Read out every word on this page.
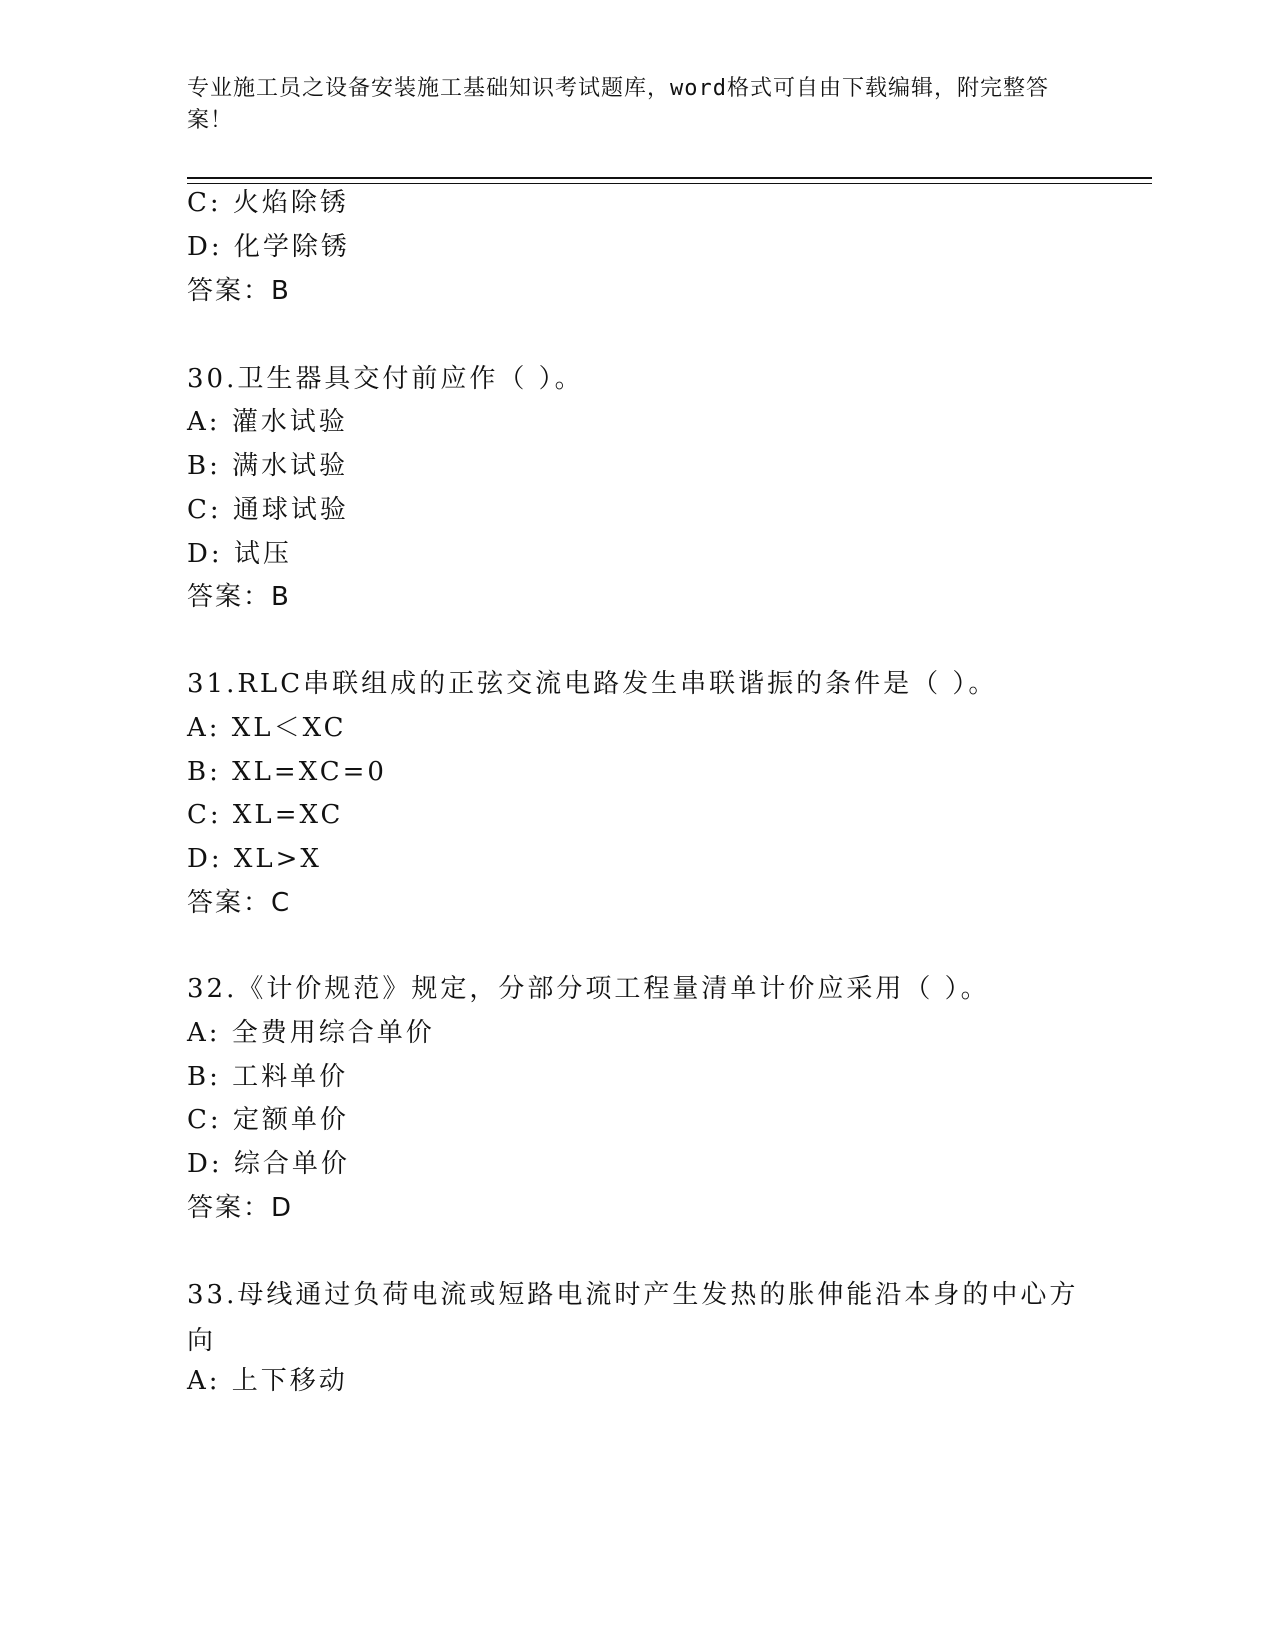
专业施工员之设备安装施工基础知识考试题库，word格式可自由下载编辑，附完整答案！
C: 火焰除锈
D: 化学除锈
答案：B
30.卫生器具交付前应作（ ）。
A: 灌水试验
B: 满水试验
C: 通球试验
D: 试压
答案：B
31.RLC串联组成的正弦交流电路发生串联谐振的条件是（ ）。
A: XL＜XC
B: XL=XC=0
C: XL=XC
D: XL>X
答案：C
32.《计价规范》规定，分部分项工程量清单计价应采用（ ）。
A: 全费用综合单价
B: 工料单价
C: 定额单价
D: 综合单价
答案：D
33.母线通过负荷电流或短路电流时产生发热的胀伸能沿本身的中心方向
A: 上下移动
